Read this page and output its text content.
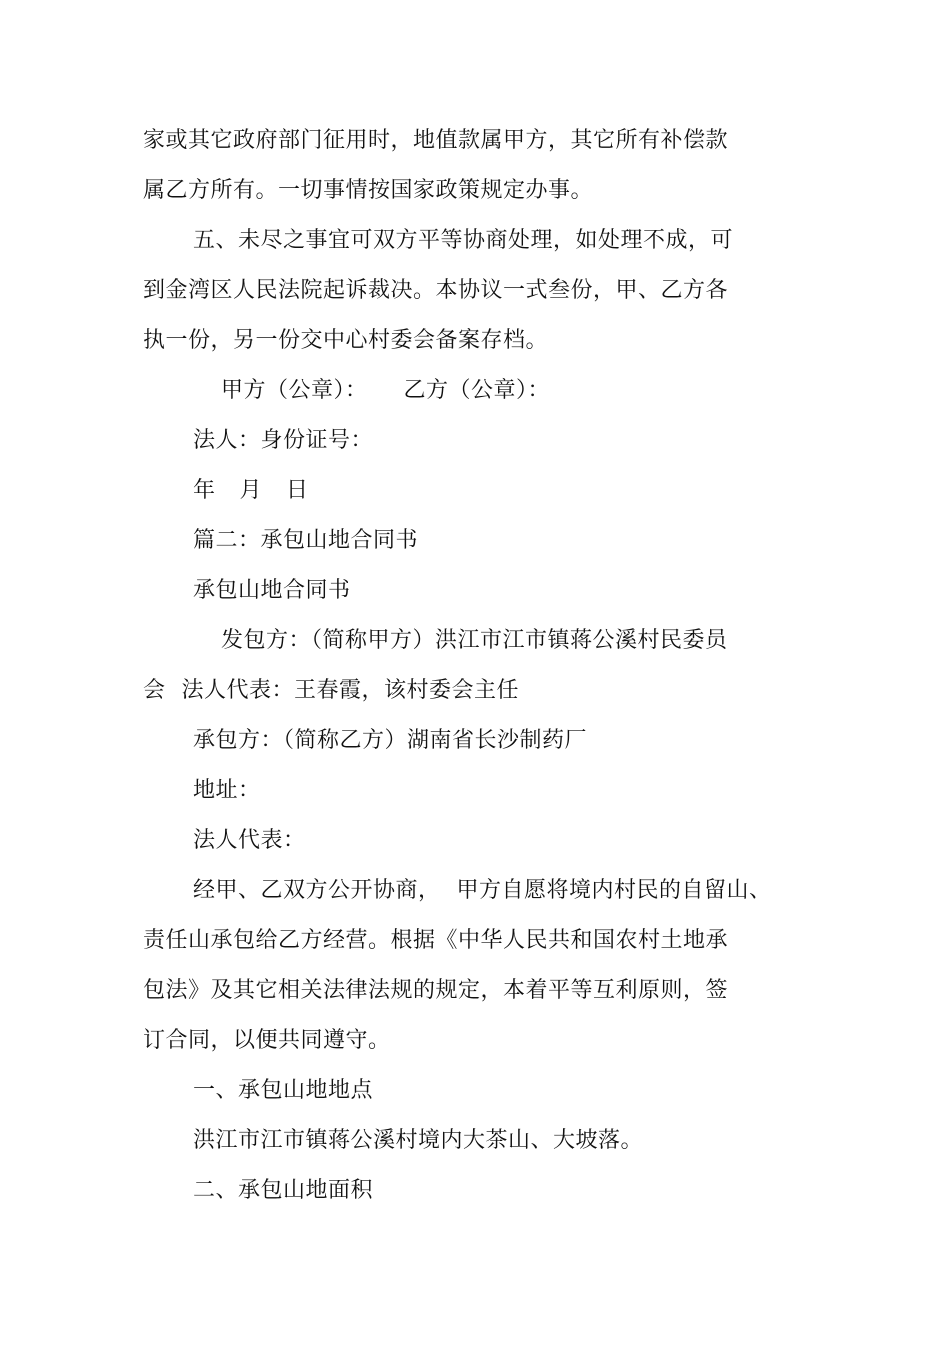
家或其它政府部门征用时，地值款属甲方，其它所有补偿款
属乙方所有。一切事情按国家政策规定办事。
五、未尽之事宜可双方平等协商处理，如处理不成，可
到金湾区人民法院起诉裁决。本协议一式叁份，甲、乙方各
执一份，另一份交中心村委会备案存档。
甲方（公章）： 乙方（公章）：
法人：身份证号：
年 月 日
篇二：承包山地合同书
承包山地合同书
发包方：（简称甲方）洪江市江市镇蒋公溪村民委员
会 法人代表：王春霞，该村委会主任
承包方：（简称乙方）湖南省长沙制药厂
地址：
法人代表：
经甲、乙双方公开协商， 甲方自愿将境内村民的自留山、
责任山承包给乙方经营。根据《中华人民共和国农村土地承
包法》及其它相关法律法规的规定，本着平等互利原则，签
订合同，以便共同遵守。
一、承包山地地点
洪江市江市镇蒋公溪村境内大茶山、大坡落。
二、承包山地面积
